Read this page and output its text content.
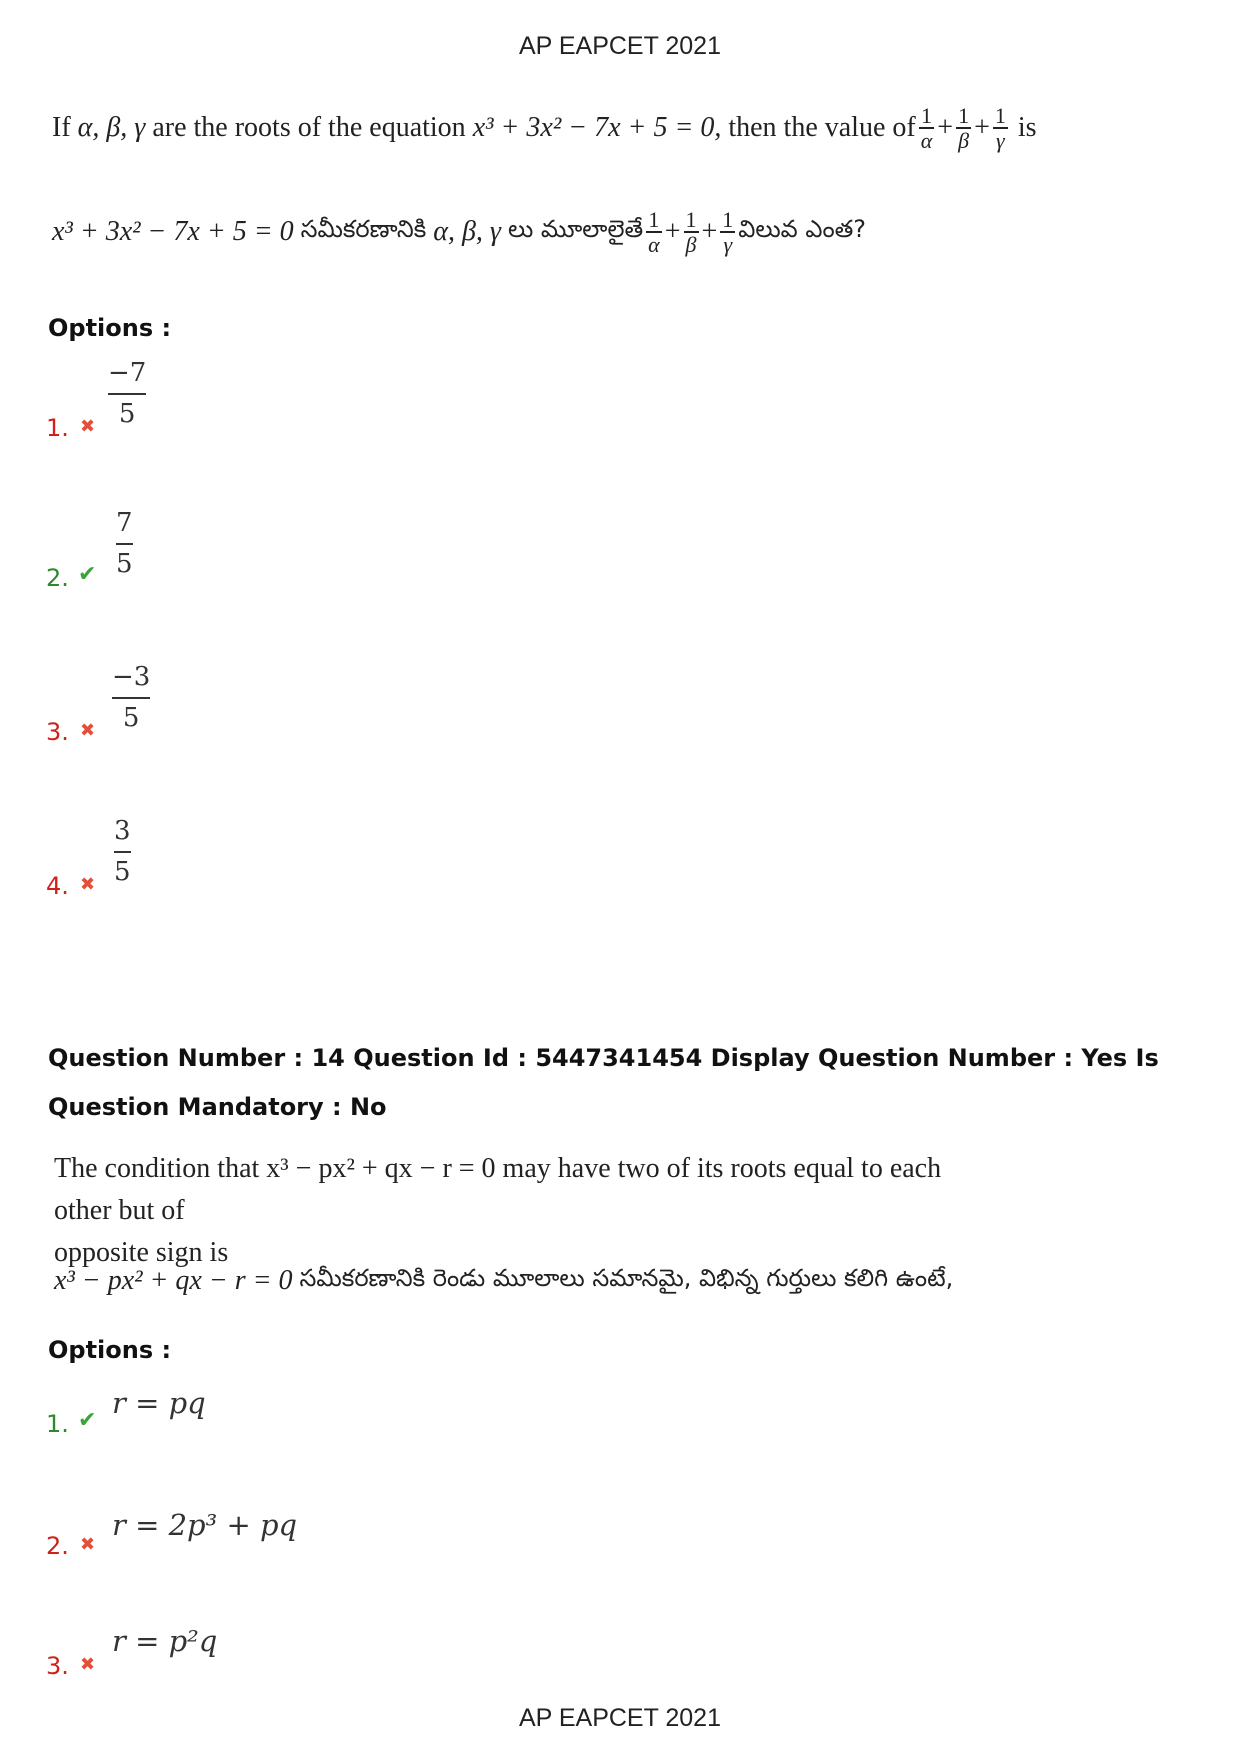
AP EAPCET 2021
If
α, β, γ
are the roots of the equation
x³ + 3x² − 7x + 5 = 0,
then the value of $\frac{1}{\alpha} + \frac{1}{\beta} + \frac{1}{\gamma}$
is
x³ + 3x² − 7x + 5 = 0
సమీకరణానికి
α, β, γ
లు మూలాలైతే $\frac{1}{\alpha} + \frac{1}{\beta} + \frac{1}{\gamma}$ విలువ ఎంత?
Options :
1. ✖
−7
5
2. ✔
7
5
3. ✖
−3
5
4. ✖
3
5
Question Number : 14 Question Id : 5447341454 Display Question Number : Yes Is Question Mandatory : No
The condition that x³ − px² + qx − r = 0 may have two of its roots equal to each other but of
opposite sign is
x³ − px² + qx − r = 0
సమీకరణానికి రెండు మూలాలు సమానమై, విభిన్న గుర్తులు కలిగి ఉంటే,
Options :
1. ✔
r = pq
2. ✖
r = 2p³ + pq
3. ✖
r = p²q
AP EAPCET 2021
